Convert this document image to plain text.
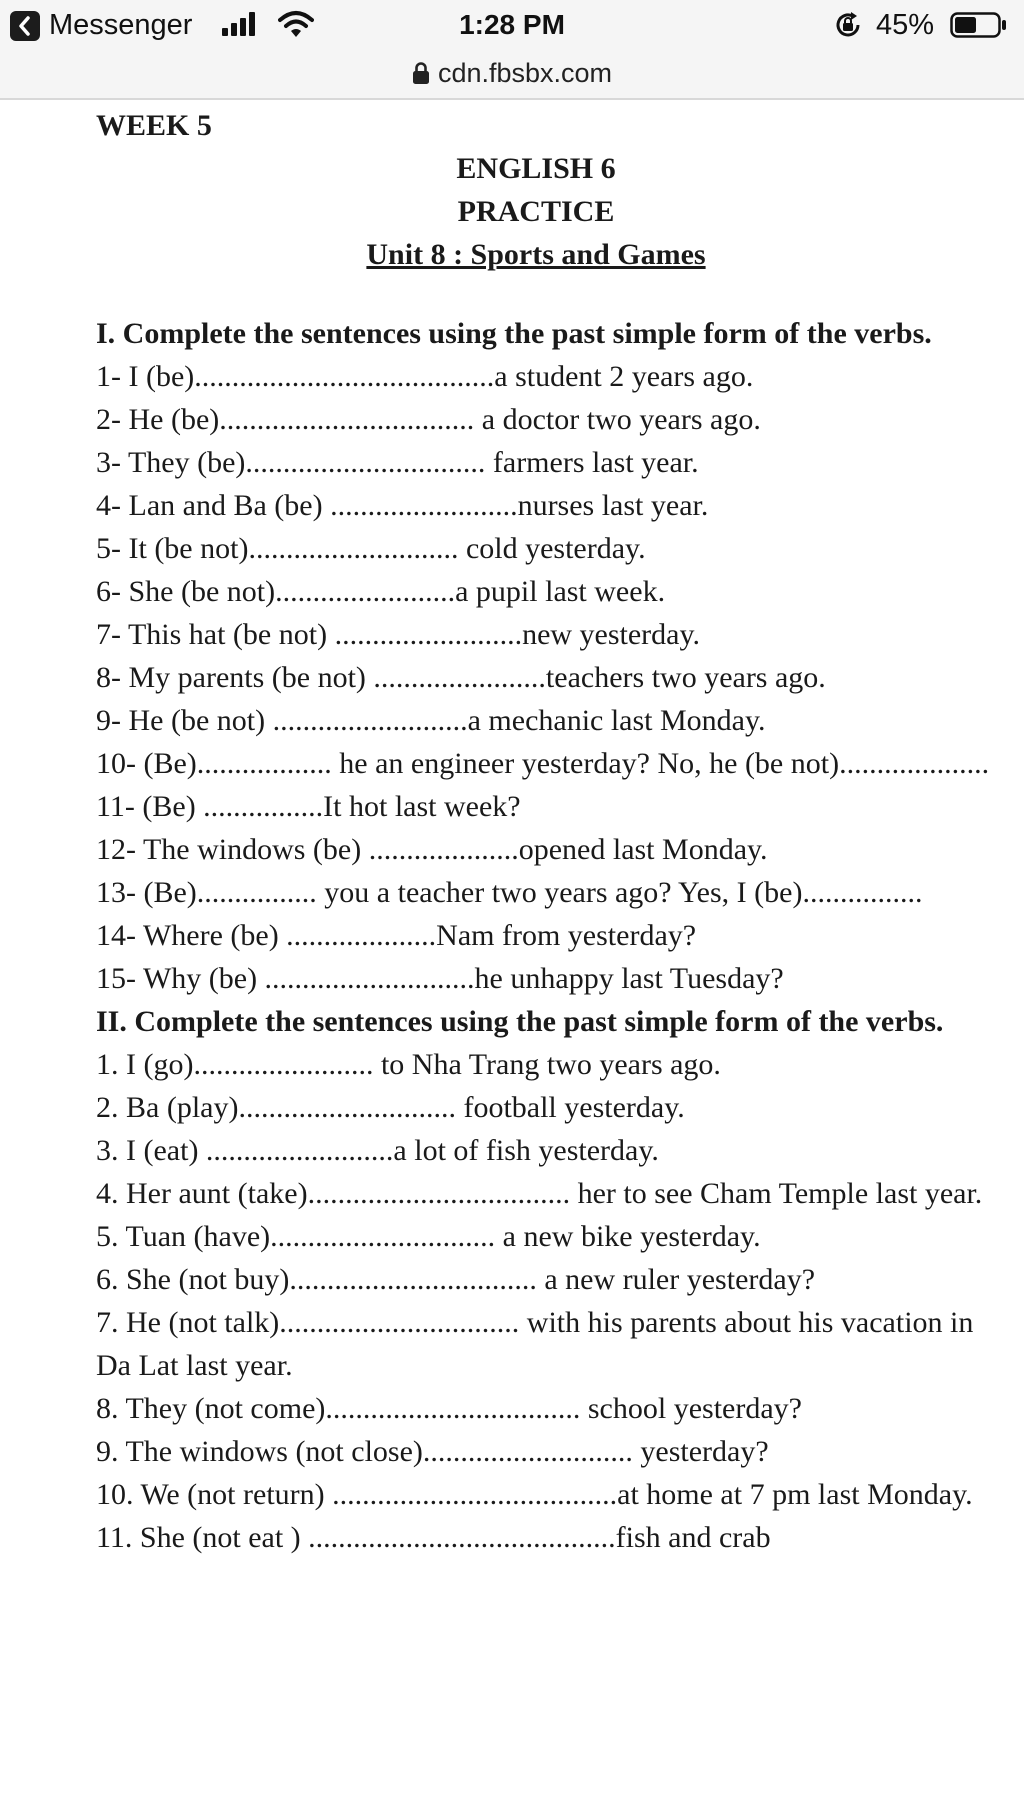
Messenger	1:28 PM	45%
cdn.fbsbx.com

WEEK 5

ENGLISH 6

PRACTICE

Unit 8 : Sports and Games

I. Complete the sentences using the past simple form of the verbs.

1- I (be)........................................a student 2 years ago.

2- He (be).................................. a doctor two years ago.

3- They (be)................................ farmers last year.

4- Lan and Ba (be) .........................nurses last year.

5- It (be not)............................ cold yesterday.

6- She (be not)........................a pupil last week.

7- This hat (be not) .........................new yesterday.

8- My parents (be not) .......................teachers two years ago.

9- He (be not) ..........................a mechanic last Monday.

10- (Be).................. he an engineer yesterday? No, he (be not)....................

11- (Be) ................It hot last week?

12- The windows (be) ....................opened last Monday.

13- (Be)................ you a teacher two years ago? Yes, I (be)................

14- Where (be) ....................Nam from yesterday?

15- Why (be) ............................he unhappy last Tuesday?

II. Complete the sentences using the past simple form of the verbs.

1. I (go)........................ to Nha Trang two years ago.

2. Ba (play)............................. football yesterday.

3. I (eat) .........................a lot of fish yesterday.

4. Her aunt (take)................................... her to see Cham Temple last year.

5. Tuan (have).............................. a new bike yesterday.

6. She (not buy)................................. a new ruler yesterday?

7. He (not talk)................................ with his parents about his vacation in Da Lat last year.

8. They (not come).................................. school yesterday?

9. The windows (not close)............................ yesterday?

10. We (not return) ......................................at home at 7 pm last Monday.

11. She (not eat ) .........................................fish and crab
